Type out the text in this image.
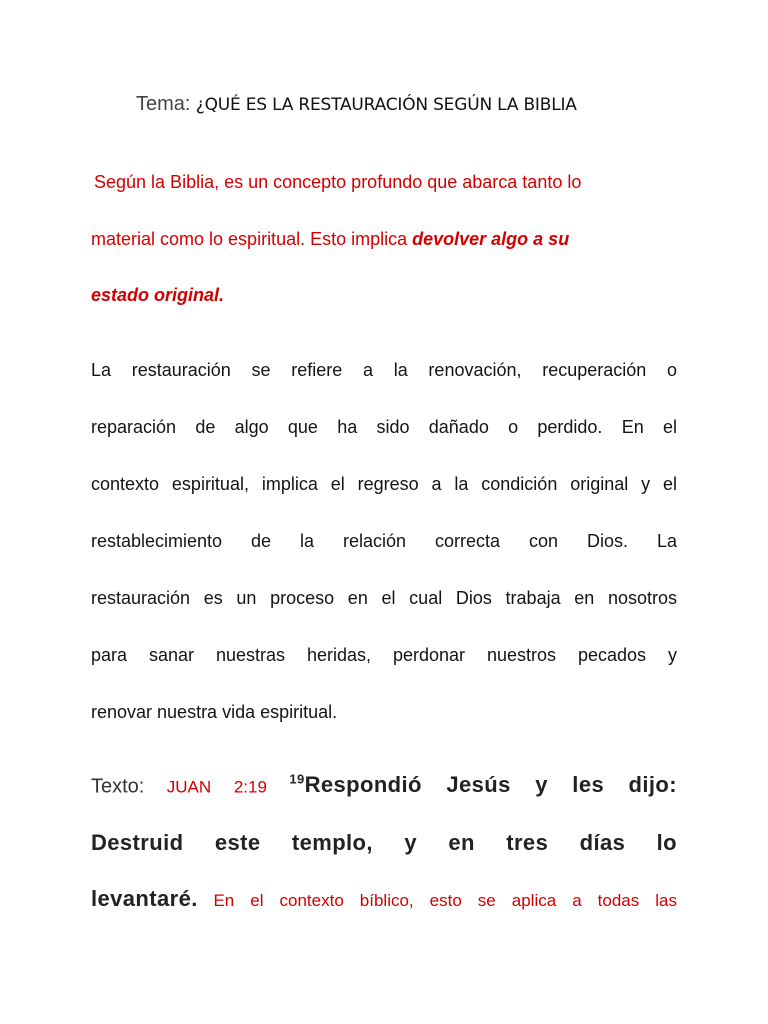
Tema: ¿QUÉ ES LA RESTAURACIÓN SEGÚN LA BIBLIA
Según la Biblia, es un concepto profundo que abarca tanto lo
material como lo espiritual. Esto implica devolver algo a su
estado original.
La restauración se refiere a la renovación, recuperación o
reparación de algo que ha sido dañado o perdido. En el
contexto espiritual, implica el regreso a la condición original y el
restablecimiento de la relación correcta con Dios. La
restauración es un proceso en el cual Dios trabaja en nosotros
para sanar nuestras heridas, perdonar nuestros pecados y
renovar nuestra vida espiritual.
Texto: JUAN 2:19 $^{19}$Respondió Jesús y les dijo:
Destruid este templo, y en tres días lo
levantaré. En el contexto bíblico, esto se aplica a todas las
